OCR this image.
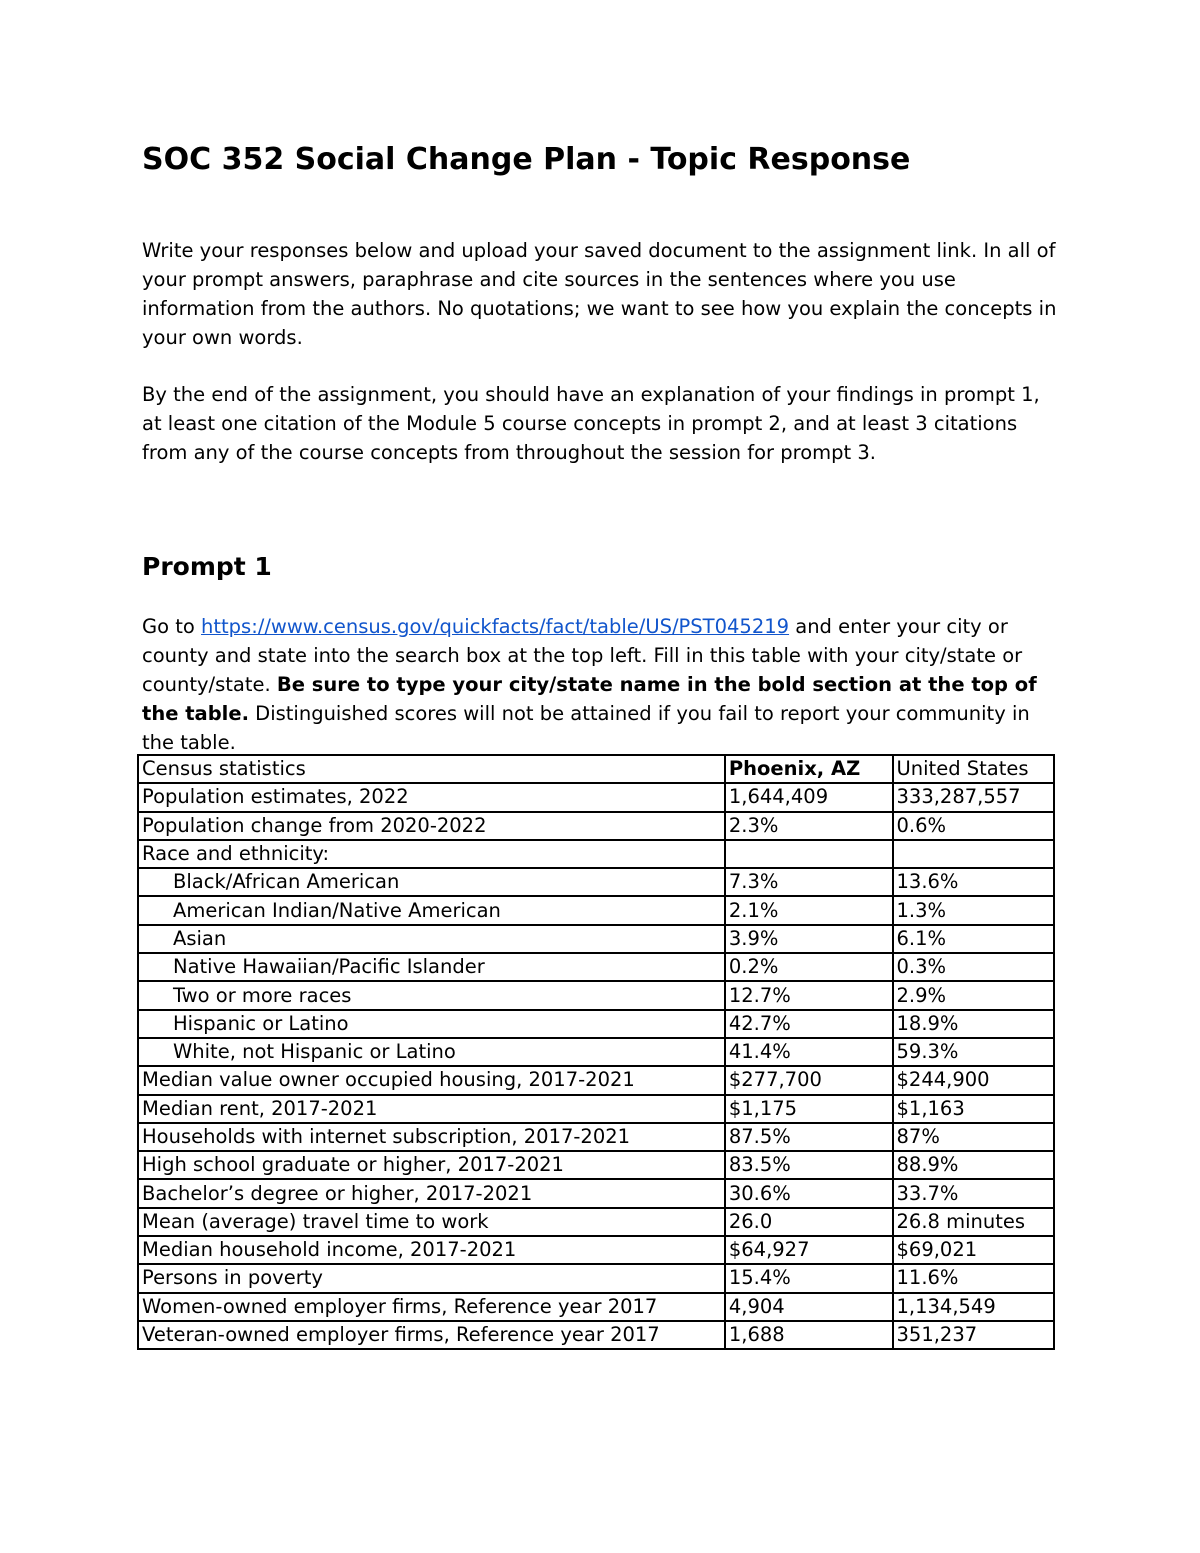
SOC 352 Social Change Plan - Topic Response

Write your responses below and upload your saved document to the assignment link. In all of your prompt answers, paraphrase and cite sources in the sentences where you use information from the authors. No quotations; we want to see how you explain the concepts in your own words.

By the end of the assignment, you should have an explanation of your findings in prompt 1, at least one citation of the Module 5 course concepts in prompt 2, and at least 3 citations from any of the course concepts from throughout the session for prompt 3.

Prompt 1

Go to https://www.census.gov/quickfacts/fact/table/US/PST045219 and enter your city or county and state into the search box at the top left. Fill in this table with your city/state or county/state. Be sure to type your city/state name in the bold section at the top of the table. Distinguished scores will not be attained if you fail to report your community in the table.

Census statistics	Phoenix, AZ	United States
Population estimates, 2022	1,644,409	333,287,557
Population change from 2020-2022	2.3%	0.6%
Race and ethnicity:		
Black/African American	7.3%	13.6%
American Indian/Native American	2.1%	1.3%
Asian	3.9%	6.1%
Native Hawaiian/Pacific Islander	0.2%	0.3%
Two or more races	12.7%	2.9%
Hispanic or Latino	42.7%	18.9%
White, not Hispanic or Latino	41.4%	59.3%
Median value owner occupied housing, 2017-2021	$277,700	$244,900
Median rent, 2017-2021	$1,175	$1,163
Households with internet subscription, 2017-2021	87.5%	87%
High school graduate or higher, 2017-2021	83.5%	88.9%
Bachelor’s degree or higher, 2017-2021	30.6%	33.7%
Mean (average) travel time to work	26.0	26.8 minutes
Median household income, 2017-2021	$64,927	$69,021
Persons in poverty	15.4%	11.6%
Women-owned employer firms, Reference year 2017	4,904	1,134,549
Veteran-owned employer firms, Reference year 2017	1,688	351,237
